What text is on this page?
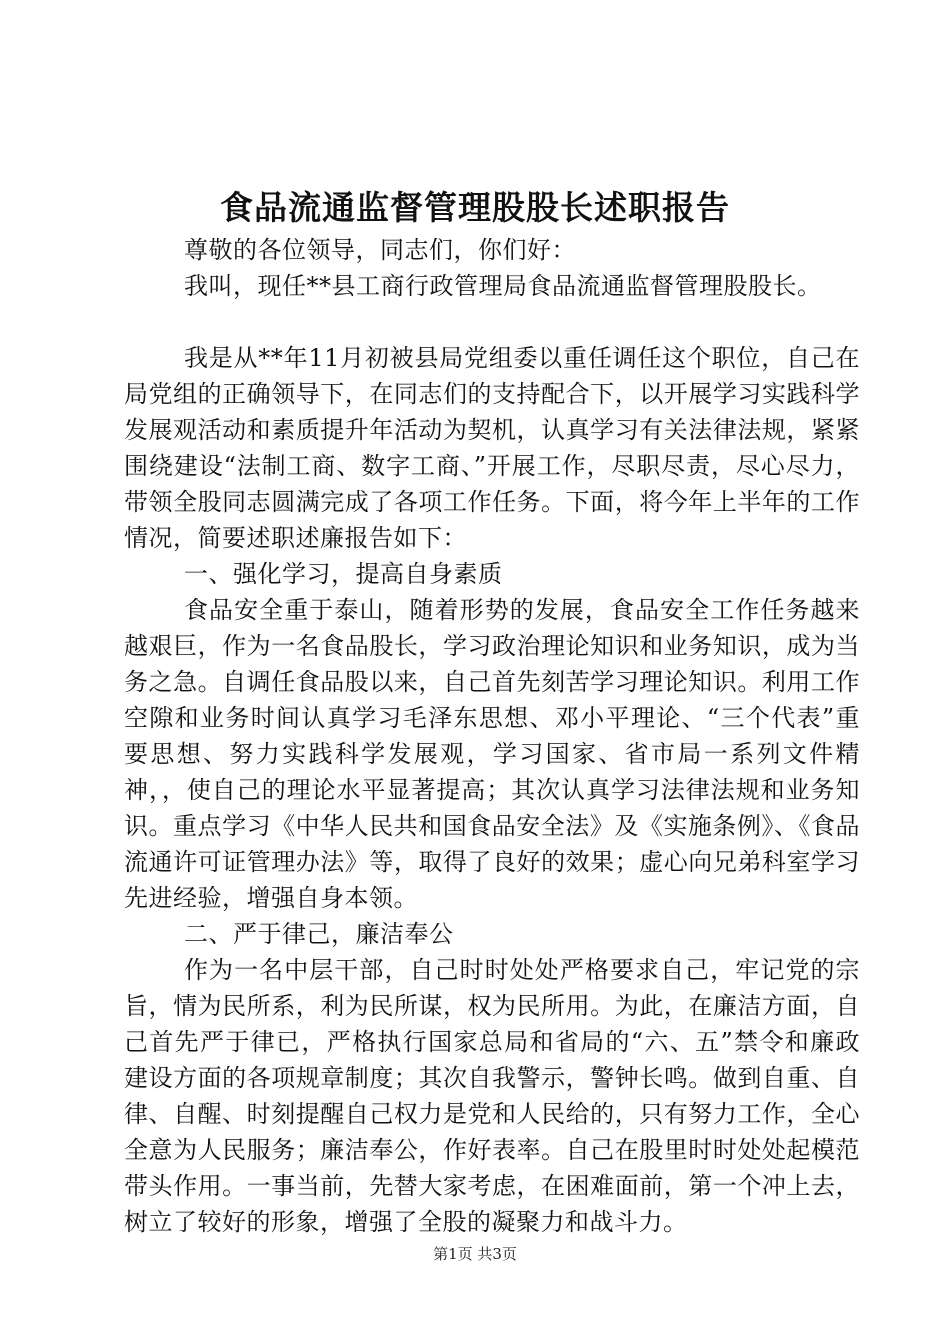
食品流通监督管理股股长述职报告

尊敬的各位领导，同志们，你们好：

我叫，现任**县工商行政管理局食品流通监督管理股股长。

我是从**年11月初被县局党组委以重任调任这个职位，自己在局党组的正确领导下，在同志们的支持配合下，以开展学习实践科学发展观活动和素质提升年活动为契机，认真学习有关法律法规，紧紧围绕建设“法制工商、数字工商、”开展工作，尽职尽责，尽心尽力，带领全股同志圆满完成了各项工作任务。下面，将今年上半年的工作情况，简要述职述廉报告如下：

一、强化学习，提高自身素质

食品安全重于泰山，随着形势的发展，食品安全工作任务越来越艰巨，作为一名食品股长，学习政治理论知识和业务知识，成为当务之急。自调任食品股以来，自己首先刻苦学习理论知识。利用工作空隙和业务时间认真学习毛泽东思想、邓小平理论、“三个代表”重要思想、努力实践科学发展观，学习国家、省市局一系列文件精神，，使自己的理论水平显著提高；其次认真学习法律法规和业务知识。重点学习《中华人民共和国食品安全法》及《实施条例》、《食品流通许可证管理办法》等，取得了良好的效果；虚心向兄弟科室学习先进经验，增强自身本领。

二、严于律己，廉洁奉公

作为一名中层干部，自己时时处处严格要求自己，牢记党的宗旨，情为民所系，利为民所谋，权为民所用。为此，在廉洁方面，自己首先严于律已，严格执行国家总局和省局的“六、五”禁令和廉政建设方面的各项规章制度；其次自我警示，警钟长鸣。做到自重、自律、自醒、时刻提醒自己权力是党和人民给的，只有努力工作，全心全意为人民服务；廉洁奉公，作好表率。自己在股里时时处处起模范带头作用。一事当前，先替大家考虑，在困难面前，第一个冲上去，树立了较好的形象，增强了全股的凝聚力和战斗力。

第1页 共3页
